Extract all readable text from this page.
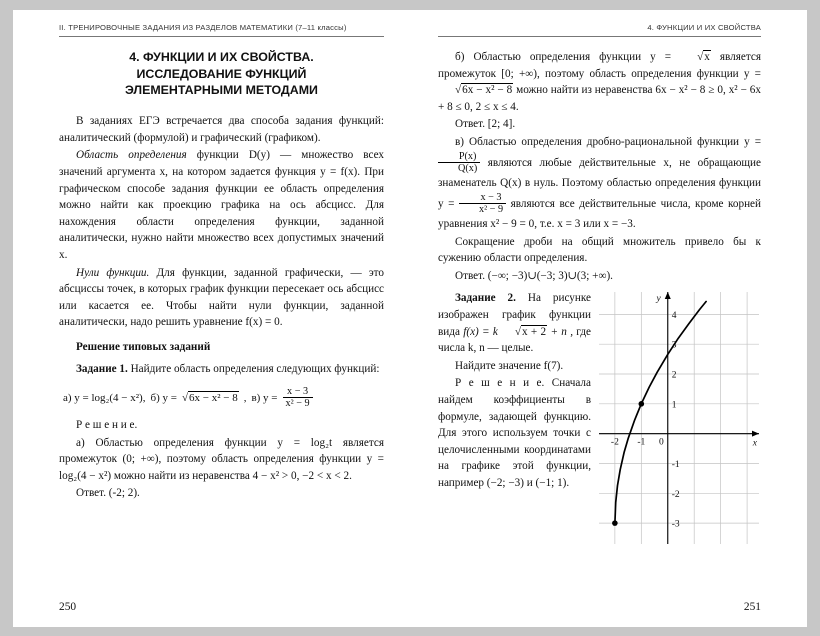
II. ТРЕНИРОВОЧНЫЕ ЗАДАНИЯ ИЗ РАЗДЕЛОВ МАТЕМАТИКИ (7–11 классы)
4. ФУНКЦИИ И ИХ СВОЙСТВА.
ИССЛЕДОВАНИЕ ФУНКЦИЙ
ЭЛЕМЕНТАРНЫМИ МЕТОДАМИ

В заданиях ЕГЭ встречается два способа задания функций: аналитический (формулой) и графический (графиком).

Область определения функции D(y) — множество всех значений аргумента x, на котором задается функция y = f(x). При графическом способе задания функции ее область определения можно найти как проекцию графика на ось абсцисс. Для нахождения области определения функции, заданной аналитически, нужно найти множество всех допустимых значений x.

Нули функции. Для функции, заданной графически, — это абсциссы точек, в которых график функции пересекает ось абсцисс или касается ее. Чтобы найти нули функции, заданной аналитически, надо решить уравнение f(x) = 0.

Решение типовых заданий

Задание 1. Найдите область определения следующих функций:

а) y = log₂(4 − x²), б) y = √6x − x² − 8 , в) $y = \frac{x - 3}{\text{x² − 9}}$

Р е ш е н и е.

а) Областью определения функции y = log₂t является промежуток (0; +∞), поэтому область определения функции y = log₂(4 − x²) можно найти из неравенства 4 − x² > 0, −2 < x < 2.

Ответ. (-2; 2).

250
4. ФУНКЦИИ И ИХ СВОЙСТВА

б) Областью определения функции y = √x является промежуток [0; +∞), поэтому область определения функции y = √6x − x² − 8 можно найти из неравенства 6x − x² − 8 ≥ 0, x² − 6x + 8 ≤ 0, 2 ≤ x ≤ 4.

Ответ. [2; 4].

в) Областью определения дробно-рациональной функции y =
$\frac{P(x)}{Q(x)}$ являются любые действительные x, не обращающие знаменатель Q(x) в нуль. Поэтому областью определения функции $y = \frac{x - 3}{\text{x² − 9}}$ являются все действительные числа, кроме корней уравнения x² − 9 = 0, т.е. x = 3 или x = −3.

Сокращение дроби на общий множитель привело бы к сужению области определения.

Ответ. (−∞; −3)∪(−3; 3)∪(3; +∞).

-2 -1 0
4
3
2
1
-1
-2
-3
x
y

Задание 2. На рисунке изображен график функции вида f(x) = k √x + 2 + n , где числа k, n — целые.

Найдите значение f(7).

Р е ш е н и е. Сначала найдем коэффициенты в формуле, задающей функцию. Для этого используем точки с целочисленными координатами на графике этой функции, например (−2; −3) и (−1; 1).

251
